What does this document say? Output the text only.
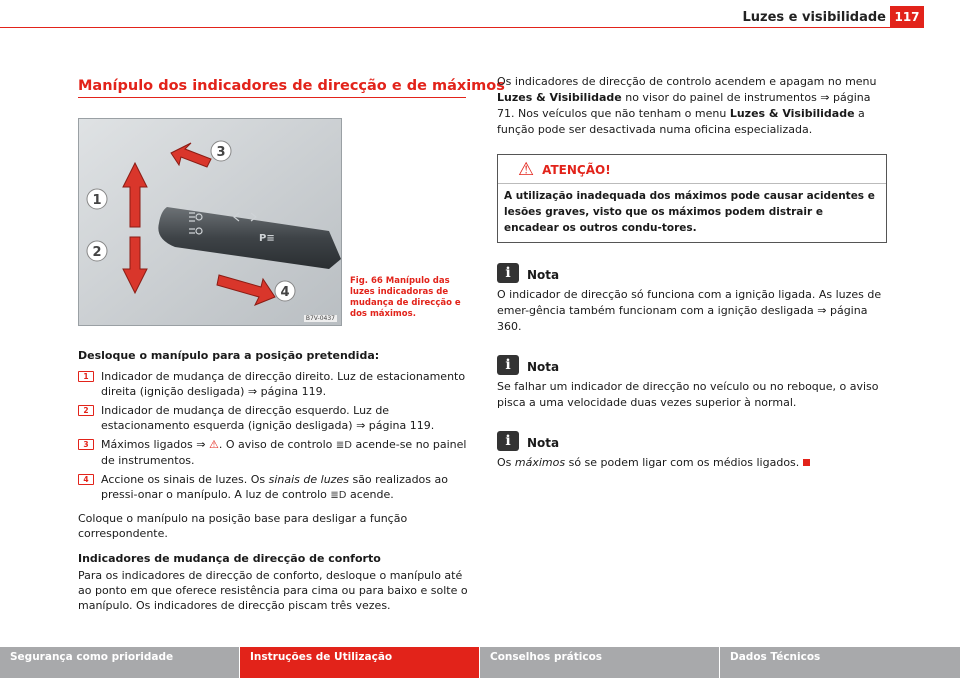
Luzes e visibilidade 117
Manípulo dos indicadores de direcção e de máximos
P≡
1
2
3
4
B7V-0437
Fig. 66 Manípulo das luzes indicadoras de mudança de direcção e dos máximos.
Desloque o manípulo para a posição pretendida:
1	Indicador de mudança de direcção direito. Luz de estacionamento direita (ignição desligada) ⇒ página 119.
2	Indicador de mudança de direcção esquerdo. Luz de estacionamento esquerda (ignição desligada) ⇒ página 119.
3	Máximos ligados ⇒ ⚠. O aviso de controlo ≣D acende-se no painel de instrumentos.
4	Accione os sinais de luzes. Os sinais de luzes são realizados ao pressi-onar o manípulo. A luz de controlo ≣D acende.
Coloque o manípulo na posição base para desligar a função correspondente.
Indicadores de mudança de direcção de conforto
Para os indicadores de direcção de conforto, desloque o manípulo até ao ponto em que oferece resistência para cima ou para baixo e solte o manípulo. Os indicadores de direcção piscam três vezes.
Os indicadores de direcção de controlo acendem e apagam no menu Luzes & Visibilidade no visor do painel de instrumentos ⇒ página 71. Nos veículos que não tenham o menu Luzes & Visibilidade a função pode ser desactivada numa oficina especializada.
⚠ ATENÇÃO!
A utilização inadequada dos máximos pode causar acidentes e lesões graves, visto que os máximos podem distrair e encadear os outros condu-tores.
i	Nota
O indicador de direcção só funciona com a ignição ligada. As luzes de emer-gência também funcionam com a ignição desligada ⇒ página 360.
i	Nota
Se falhar um indicador de direcção no veículo ou no reboque, o aviso pisca a uma velocidade duas vezes superior à normal.
i	Nota
Os máximos só se podem ligar com os médios ligados.
Segurança como prioridade	Instruções de Utilização	Conselhos práticos	Dados Técnicos
